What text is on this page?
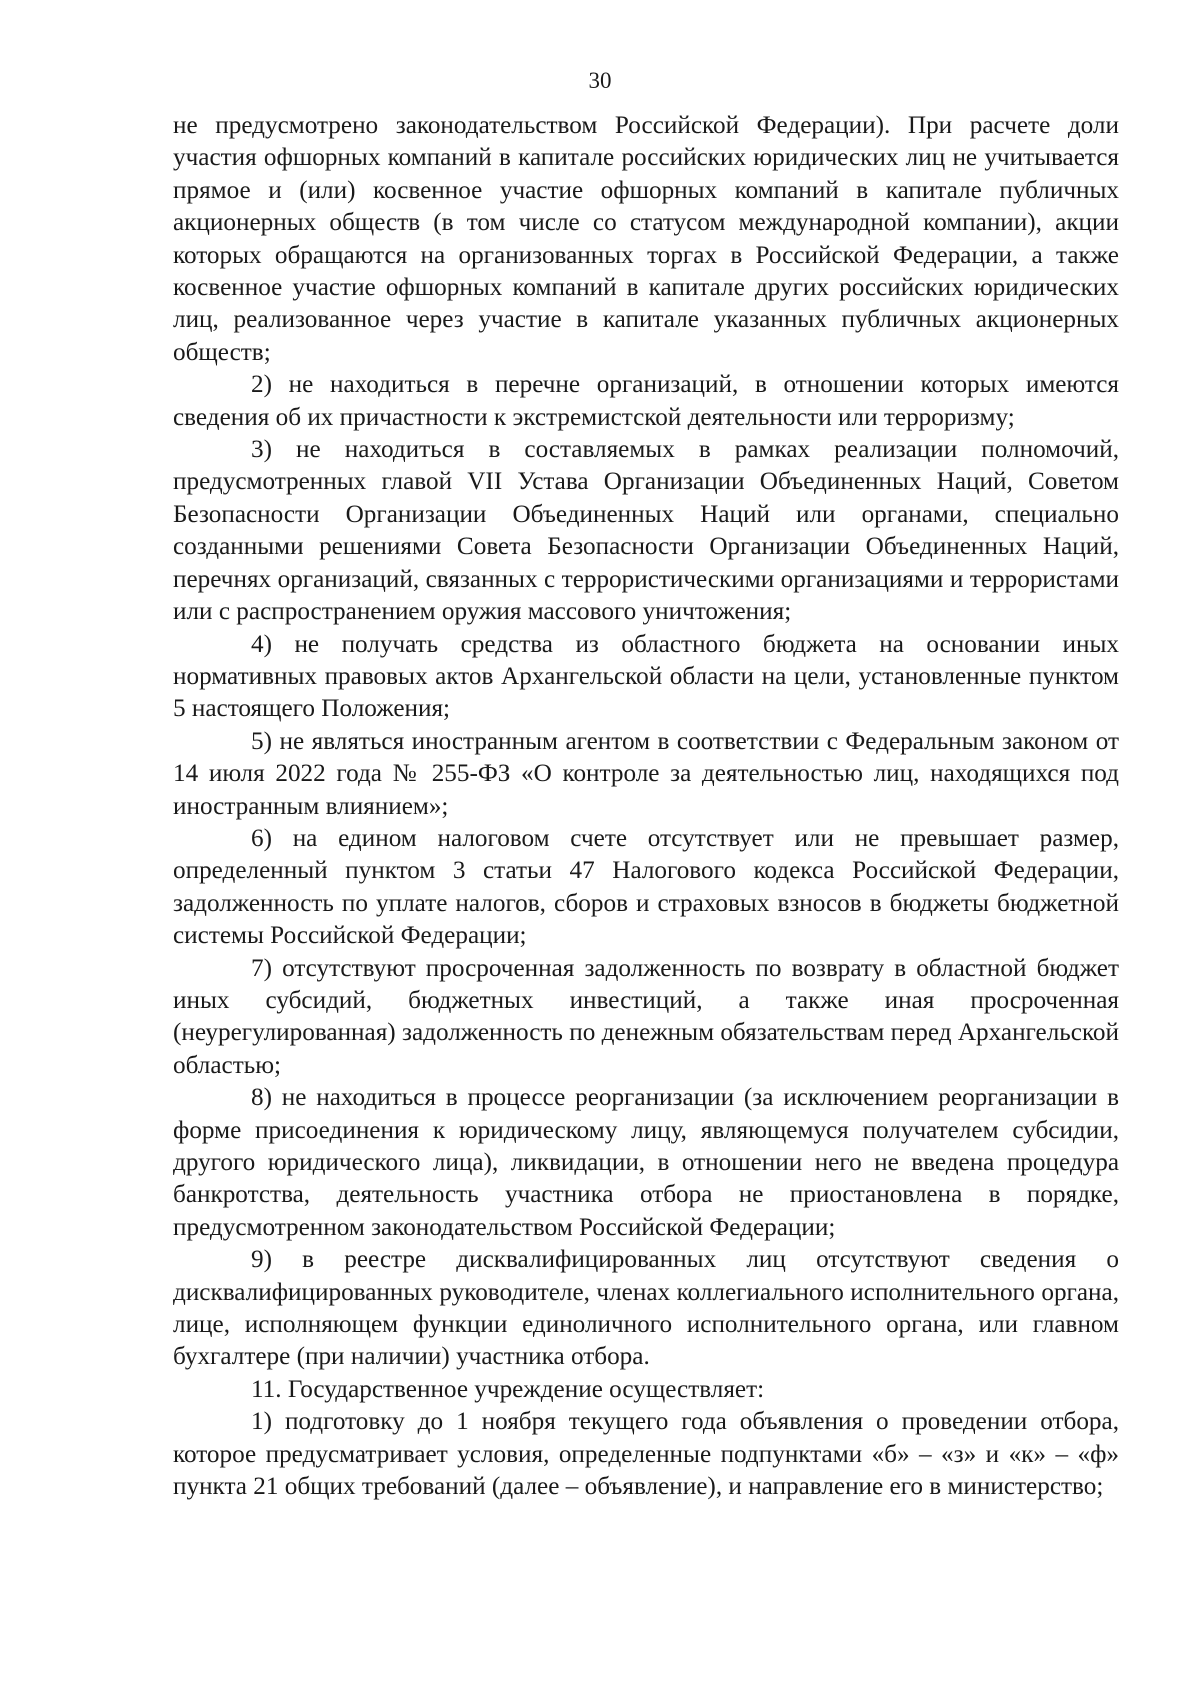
30

не предусмотрено законодательством Российской Федерации). При расчете доли участия офшорных компаний в капитале российских юридических лиц не учитывается прямое и (или) косвенное участие офшорных компаний в капитале публичных акционерных обществ (в том числе со статусом международной компании), акции которых обращаются на организованных торгах в Российской Федерации, а также косвенное участие офшорных компаний в капитале других российских юридических лиц, реализованное через участие в капитале указанных публичных акционерных обществ;

2) не находиться в перечне организаций, в отношении которых имеются сведения об их причастности к экстремистской деятельности или терроризму;

3) не находиться в составляемых в рамках реализации полномочий, предусмотренных главой VII Устава Организации Объединенных Наций, Советом Безопасности Организации Объединенных Наций или органами, специально созданными решениями Совета Безопасности Организации Объединенных Наций, перечнях организаций, связанных с террористическими организациями и террористами или с распространением оружия массового уничтожения;

4) не получать средства из областного бюджета на основании иных нормативных правовых актов Архангельской области на цели, установленные пунктом 5 настоящего Положения;

5) не являться иностранным агентом в соответствии с Федеральным законом от 14 июля 2022 года № 255-ФЗ «О контроле за деятельностью лиц, находящихся под иностранным влиянием»;

6) на едином налоговом счете отсутствует или не превышает размер, определенный пунктом 3 статьи 47 Налогового кодекса Российской Федерации, задолженность по уплате налогов, сборов и страховых взносов в бюджеты бюджетной системы Российской Федерации;

7) отсутствуют просроченная задолженность по возврату в областной бюджет иных субсидий, бюджетных инвестиций, а также иная просроченная (неурегулированная) задолженность по денежным обязательствам перед Архангельской областью;

8) не находиться в процессе реорганизации (за исключением реорганизации в форме присоединения к юридическому лицу, являющемуся получателем субсидии, другого юридического лица), ликвидации, в отношении него не введена процедура банкротства, деятельность участника отбора не приостановлена в порядке, предусмотренном законодательством Российской Федерации;

9) в реестре дисквалифицированных лиц отсутствуют сведения о дисквалифицированных руководителе, членах коллегиального исполнительного органа, лице, исполняющем функции единоличного исполнительного органа, или главном бухгалтере (при наличии) участника отбора.

11. Государственное учреждение осуществляет:

1) подготовку до 1 ноября текущего года объявления о проведении отбора, которое предусматривает условия, определенные подпунктами «б» – «з» и «к» – «ф» пункта 21 общих требований (далее – объявление), и направление его в министерство;
